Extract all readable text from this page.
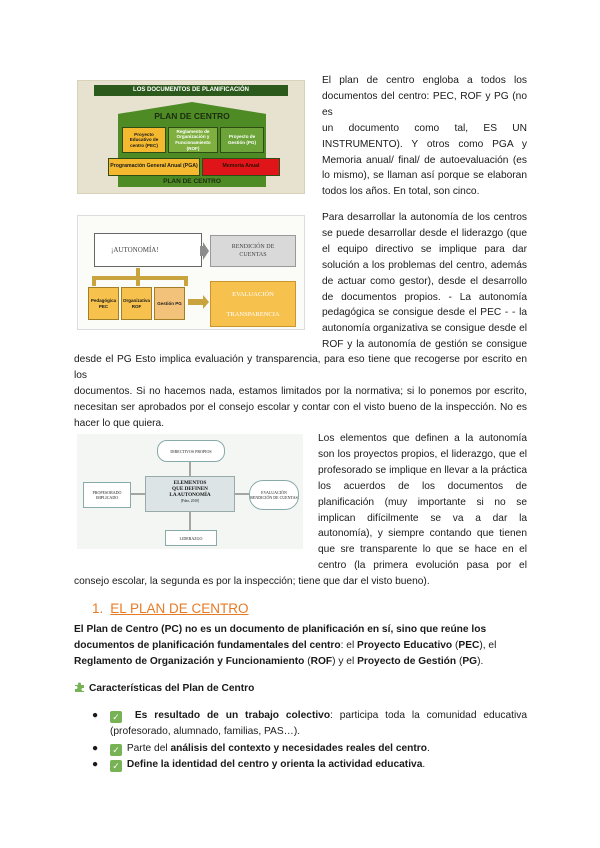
LOS DOCUMENTOS DE PLANIFICACIÓN
PLAN DE CENTRO
Proyecto Educativo de centro (PEC)
Reglamento de Organización y Funcionamiento (ROF)
Proyecto de Gestión (PG)
Programación General Anual (PGA)	Memoria Anual
PLAN DE CENTRO
El plan de centro engloba a todos los
documentos del centro: PEC, ROF y PG (no es
un documento como tal, ES UN
INSTRUMENTO). Y otros como PGA y
Memoria anual/ final/ de autoevaluación (es
lo mismo), se llaman así porque se elaboran
todos los años. En total, son cinco.
¡AUTONOMÍA!	RENDICIÓN DE
CUENTAS
Pedagógica PEC
Organizativa ROF
Gestión PG
EVALUACIÓN
TRANSPARENCIA
Para desarrollar la autonomía de los centros
se puede desarrollar desde el liderazgo (que
el equipo directivo se implique para dar
solución a los problemas del centro, además
de actuar como gestor), desde el desarrollo
de documentos propios. - La autonomía
pedagógica se consigue desde el PEC - - la
autonomía organizativa se consigue desde el
ROF y la autonomía de gestión se consigue
desde el PG Esto implica evaluación y transparencia, para eso tiene que recogerse por escrito en los
documentos. Si no hacemos nada, estamos limitados por la normativa; si lo ponemos por escrito,
necesitan ser aprobados por el consejo escolar y contar con el visto bueno de la inspección. No es
hacer lo que quiera.
DIRECTIVOS PROPIOS
ELEMENTOS
QUE DEFINEN
LA AUTONOMÍA
[Fdez, 2010]
PROFESORADO IMPLICADO
EVALUACIÓN RENDICIÓN DE CUENTAS
LIDERAZGO
Los elementos que definen a la autonomía
son los proyectos propios, el liderazgo, que el
profesorado se implique en llevar a la práctica
los acuerdos de los documentos de
planificación (muy importante si no se
implican difícilmente se va a dar la
autonomía), y siempre contando que tienen
que sre transparente lo que se hace en el
centro (la primera evolución pasa por el
consejo escolar, la segunda es por la inspección; tiene que dar el visto bueno).
1. EL PLAN DE CENTRO
El Plan de Centro (PC) no es un documento de planificación en sí, sino que reúne los documentos de planificación fundamentales del centro: el Proyecto Educativo (PEC), el Reglamento de Organización y Funcionamiento (ROF) y el Proyecto de Gestión (PG).
Características del Plan de Centro
●	✓ Es resultado de un trabajo colectivo: participa toda la comunidad educativa (profesorado, alumnado, familias, PAS…).
●	✓ Parte del análisis del contexto y necesidades reales del centro.
●	✓ Define la identidad del centro y orienta la actividad educativa.
